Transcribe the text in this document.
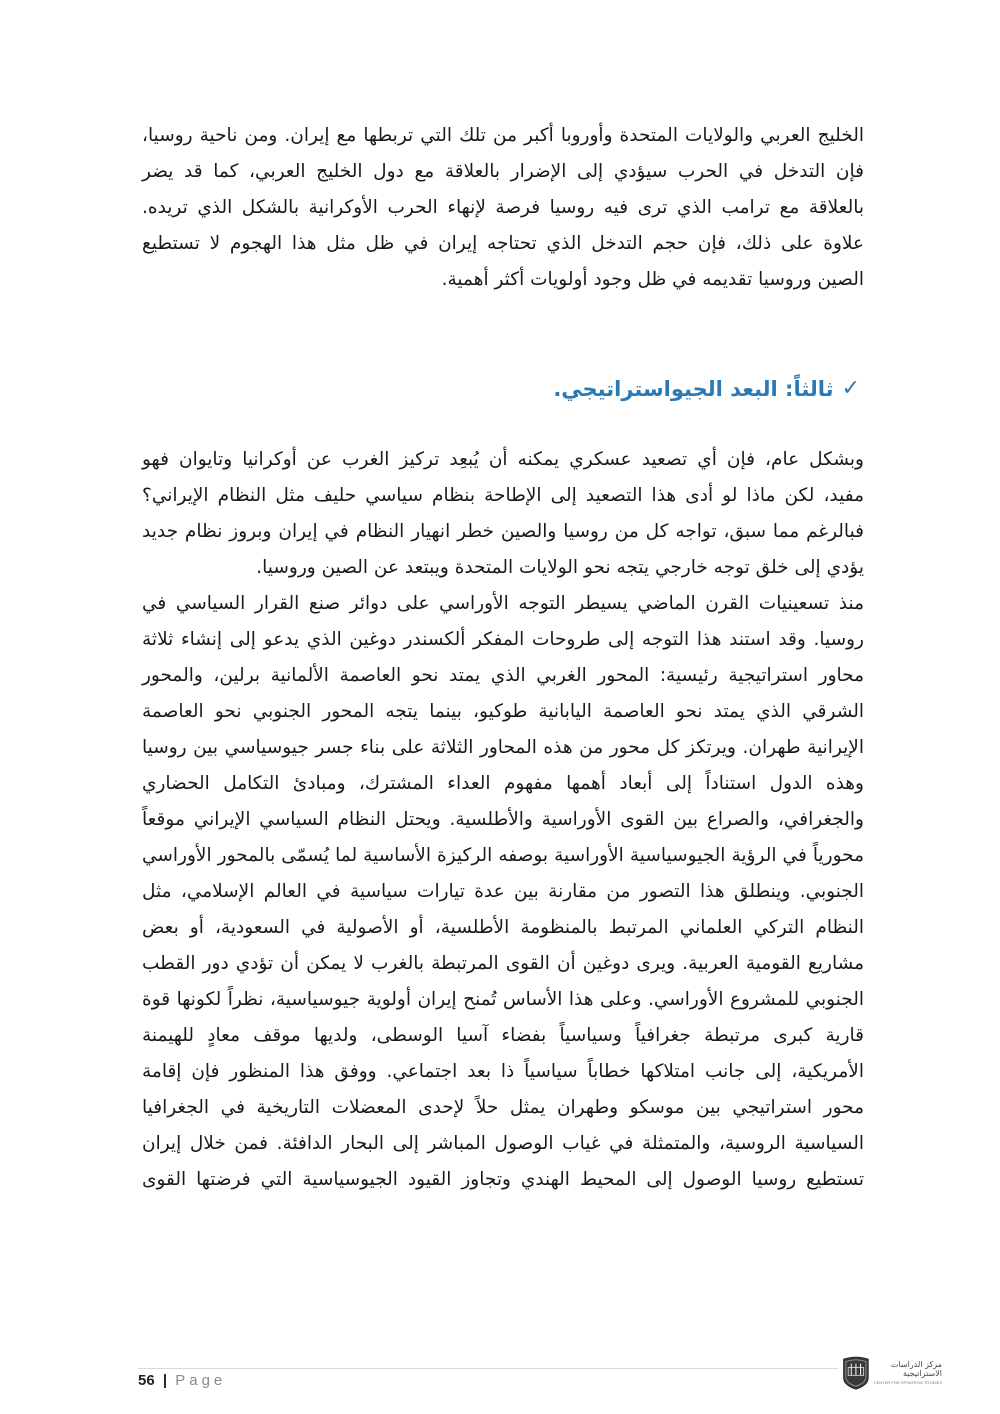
الخليج العربي والولايات المتحدة وأوروبا أكبر من تلك التي تربطها مع إيران. ومن ناحية روسيا،
فإن التدخل في الحرب سيؤدي إلى الإضرار بالعلاقة مع دول الخليج العربي، كما قد يضر
بالعلاقة مع ترامب الذي ترى فيه روسيا فرصة لإنهاء الحرب الأوكرانية بالشكل الذي تريده.
علاوة على ذلك، فإن حجم التدخل الذي تحتاجه إيران في ظل مثل هذا الهجوم لا تستطيع
الصين وروسيا تقديمه في ظل وجود أولويات أكثر أهمية.
✓
ثالثاً: البعد الجيواستراتيجي.
وبشكل عام، فإن أي تصعيد عسكري يمكنه أن يُبعِد تركيز الغرب عن أوكرانيا وتايوان فهو
مفيد، لكن ماذا لو أدى هذا التصعيد إلى الإطاحة بنظام سياسي حليف مثل النظام الإيراني؟
فبالرغم مما سبق، تواجه كل من روسيا والصين خطر انهيار النظام في إيران وبروز نظام جديد
يؤدي إلى خلق توجه خارجي يتجه نحو الولايات المتحدة ويبتعد عن الصين وروسيا.
منذ تسعينيات القرن الماضي يسيطر التوجه الأوراسي على دوائر صنع القرار السياسي في
روسيا. وقد استند هذا التوجه إلى طروحات المفكر ألكسندر دوغين الذي يدعو إلى إنشاء ثلاثة
محاور استراتيجية رئيسية: المحور الغربي الذي يمتد نحو العاصمة الألمانية برلين، والمحور
الشرقي الذي يمتد نحو العاصمة اليابانية طوكيو، بينما يتجه المحور الجنوبي نحو العاصمة
الإيرانية طهران. ويرتكز كل محور من هذه المحاور الثلاثة على بناء جسر جيوسياسي بين روسيا
وهذه الدول استناداً إلى أبعاد أهمها مفهوم العداء المشترك، ومبادئ التكامل الحضاري
والجغرافي، والصراع بين القوى الأوراسية والأطلسية. ويحتل النظام السياسي الإيراني موقعاً
محورياً في الرؤية الجيوسياسية الأوراسية بوصفه الركيزة الأساسية لما يُسمّى بالمحور الأوراسي
الجنوبي. وينطلق هذا التصور من مقارنة بين عدة تيارات سياسية في العالم الإسلامي، مثل
النظام التركي العلماني المرتبط بالمنظومة الأطلسية، أو الأصولية في السعودية، أو بعض
مشاريع القومية العربية. ويرى دوغين أن القوى المرتبطة بالغرب لا يمكن أن تؤدي دور القطب
الجنوبي للمشروع الأوراسي. وعلى هذا الأساس تُمنح إيران أولوية جيوسياسية، نظراً لكونها قوة
قارية كبرى مرتبطة جغرافياً وسياسياً بفضاء آسيا الوسطى، ولديها موقف معادٍ للهيمنة
الأمريكية، إلى جانب امتلاكها خطاباً سياسياً ذا بعد اجتماعي. ووفق هذا المنظور فإن إقامة
محور استراتيجي بين موسكو وطهران يمثل حلاً لإحدى المعضلات التاريخية في الجغرافيا
السياسية الروسية، والمتمثلة في غياب الوصول المباشر إلى البحار الدافئة. فمن خلال إيران
تستطيع روسيا الوصول إلى المحيط الهندي وتجاوز القيود الجيوسياسية التي فرضتها القوى
56 | Page
مركز الدراسات
الاستراتيجية
CENTER FOR STRATEGIC STUDIES
